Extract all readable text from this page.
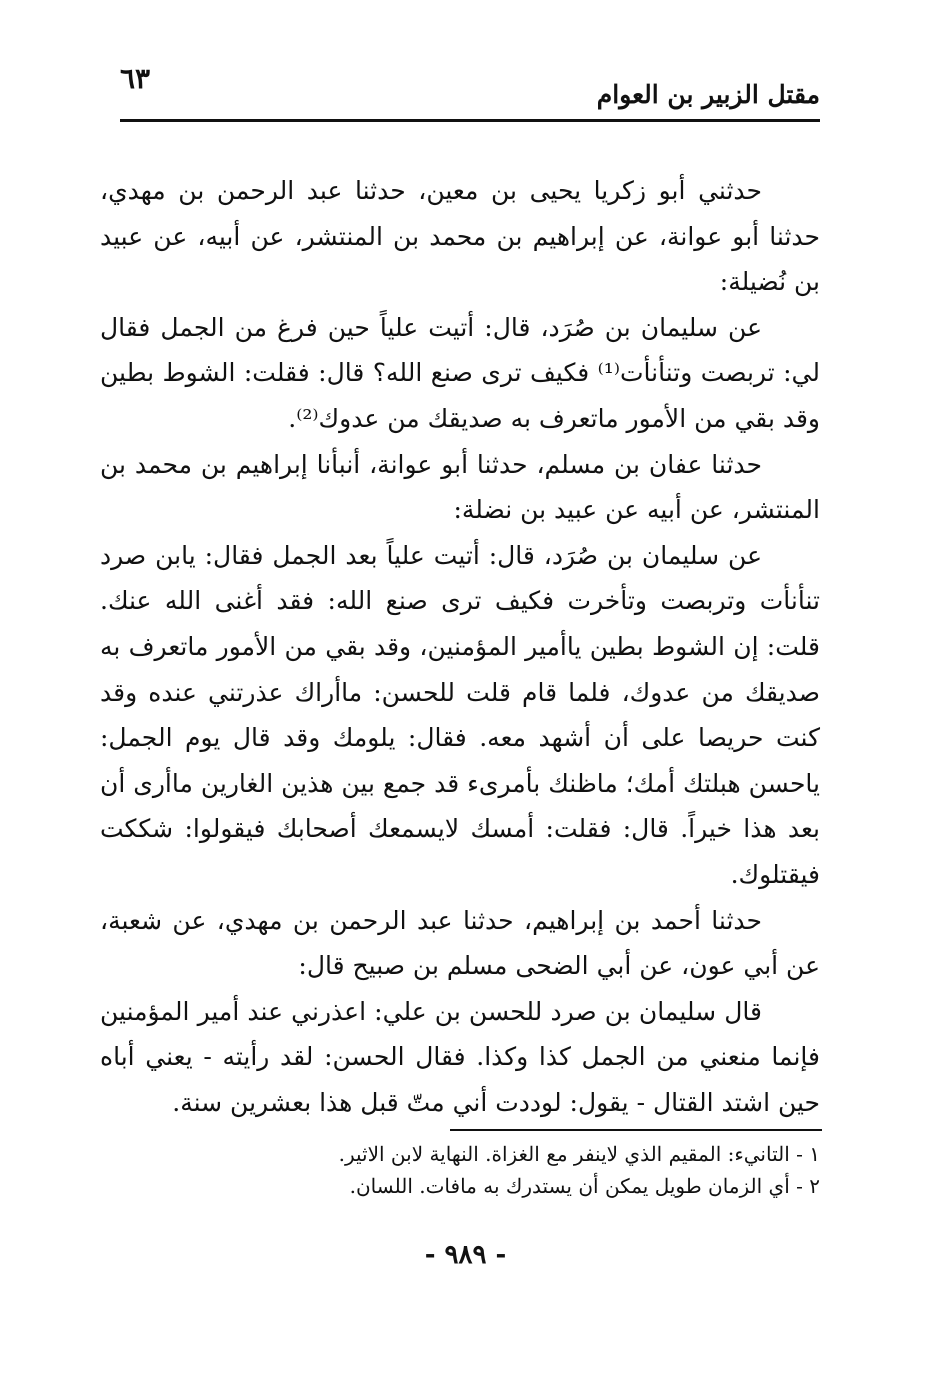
مقتل الزبير بن العوام
٦٣

حدثني أبو زكريا يحيى بن معين، حدثنا عبد الرحمن بن مهدي، حدثنا أبو عوانة، عن إبراهيم بن محمد بن المنتشر، عن أبيه، عن عبيد بن نُضيلة:

عن سليمان بن صُرَد، قال: أتيت علياً حين فرغ من الجمل فقال لي: تربصت وتنأنأت⁽¹⁾ فكيف ترى صنع الله؟ قال: فقلت: الشوط بطين وقد بقي من الأمور ماتعرف به صديقك من عدوك⁽²⁾.

حدثنا عفان بن مسلم، حدثنا أبو عوانة، أنبأنا إبراهيم بن محمد بن المنتشر، عن أبيه عن عبيد بن نضلة:

عن سليمان بن صُرَد، قال: أتيت علياً بعد الجمل فقال: يابن صرد تنأنأت وتربصت وتأخرت فكيف ترى صنع الله: فقد أغنى الله عنك. قلت: إن الشوط بطين ياأمير المؤمنين، وقد بقي من الأمور ماتعرف به صديقك من عدوك، فلما قام قلت للحسن: ماأراك عذرتني عنده وقد كنت حريصا على أن أشهد معه. فقال: يلومك وقد قال يوم الجمل: ياحسن هبلتك أمك؛ ماظنك بأمرىء قد جمع بين هذين الغارين ماأرى أن بعد هذا خيراً. قال: فقلت: أمسك لايسمعك أصحابك فيقولوا: شككت فيقتلوك.

حدثنا أحمد بن إبراهيم، حدثنا عبد الرحمن بن مهدي، عن شعبة، عن أبي عون، عن أبي الضحى مسلم بن صبيح قال:

قال سليمان بن صرد للحسن بن علي: اعذرني عند أمير المؤمنين فإنما منعني من الجمل كذا وكذا. فقال الحسن: لقد رأيته - يعني أباه حين اشتد القتال - يقول: لوددت أني متّ قبل هذا بعشرين سنة.

١ - التانيء: المقيم الذي لاينفر مع الغزاة. النهاية لابن الاثير.

٢ - أي الزمان طويل يمكن أن يستدرك به مافات. اللسان.

- ٩٨٩ -
